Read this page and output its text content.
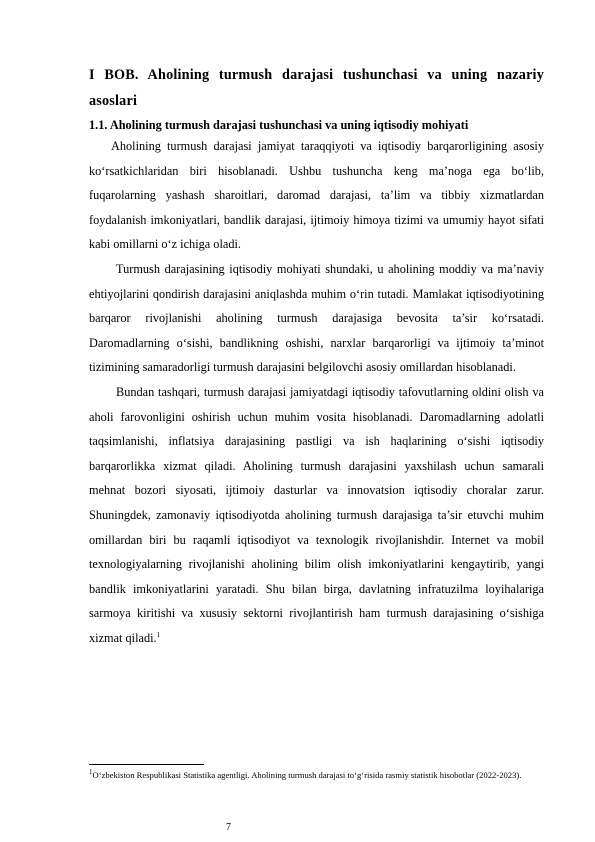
I BOB. Aholining turmush darajasi tushunchasi va uning nazariy asoslari
1.1. Aholining turmush darajasi tushunchasi va uning iqtisodiy mohiyati

Aholining turmush darajasi jamiyat taraqqiyoti va iqtisodiy barqarorligining asosiy ko‘rsatkichlaridan biri hisoblanadi. Ushbu tushuncha keng ma’noga ega bo‘lib, fuqarolarning yashash sharoitlari, daromad darajasi, ta’lim va tibbiy xizmatlardan foydalanish imkoniyatlari, bandlik darajasi, ijtimoiy himoya tizimi va umumiy hayot sifati kabi omillarni o‘z ichiga oladi.

Turmush darajasining iqtisodiy mohiyati shundaki, u aholining moddiy va ma’naviy ehtiyojlarini qondirish darajasini aniqlashda muhim o‘rin tutadi. Mamlakat iqtisodiyotining barqaror rivojlanishi aholining turmush darajasiga bevosita ta’sir ko‘rsatadi. Daromadlarning o‘sishi, bandlikning oshishi, narxlar barqarorligi va ijtimoiy ta’minot tizimining samaradorligi turmush darajasini belgilovchi asosiy omillardan hisoblanadi.

Bundan tashqari, turmush darajasi jamiyatdagi iqtisodiy tafovutlarning oldini olish va aholi farovonligini oshirish uchun muhim vosita hisoblanadi. Daromadlarning adolatli taqsimlanishi, inflatsiya darajasining pastligi va ish haqlarining o‘sishi iqtisodiy barqarorlikka xizmat qiladi. Aholining turmush darajasini yaxshilash uchun samarali mehnat bozori siyosati, ijtimoiy dasturlar va innovatsion iqtisodiy choralar zarur. Shuningdek, zamonaviy iqtisodiyotda aholining turmush darajasiga ta’sir etuvchi muhim omillardan biri bu raqamli iqtisodiyot va texnologik rivojlanishdir. Internet va mobil texnologiyalarning rivojlanishi aholining bilim olish imkoniyatlarini kengaytirib, yangi bandlik imkoniyatlarini yaratadi. Shu bilan birga, davlatning infratuzilma loyihalariga sarmoya kiritishi va xususiy sektorni rivojlantirish ham turmush darajasining o‘sishiga xizmat qiladi.$^1$

$^1$O‘zbekiston Respublikasi Statistika agentligi. Aholining turmush darajasi to‘g‘risida rasmiy statistik hisobotlar (2022-2023).
7
